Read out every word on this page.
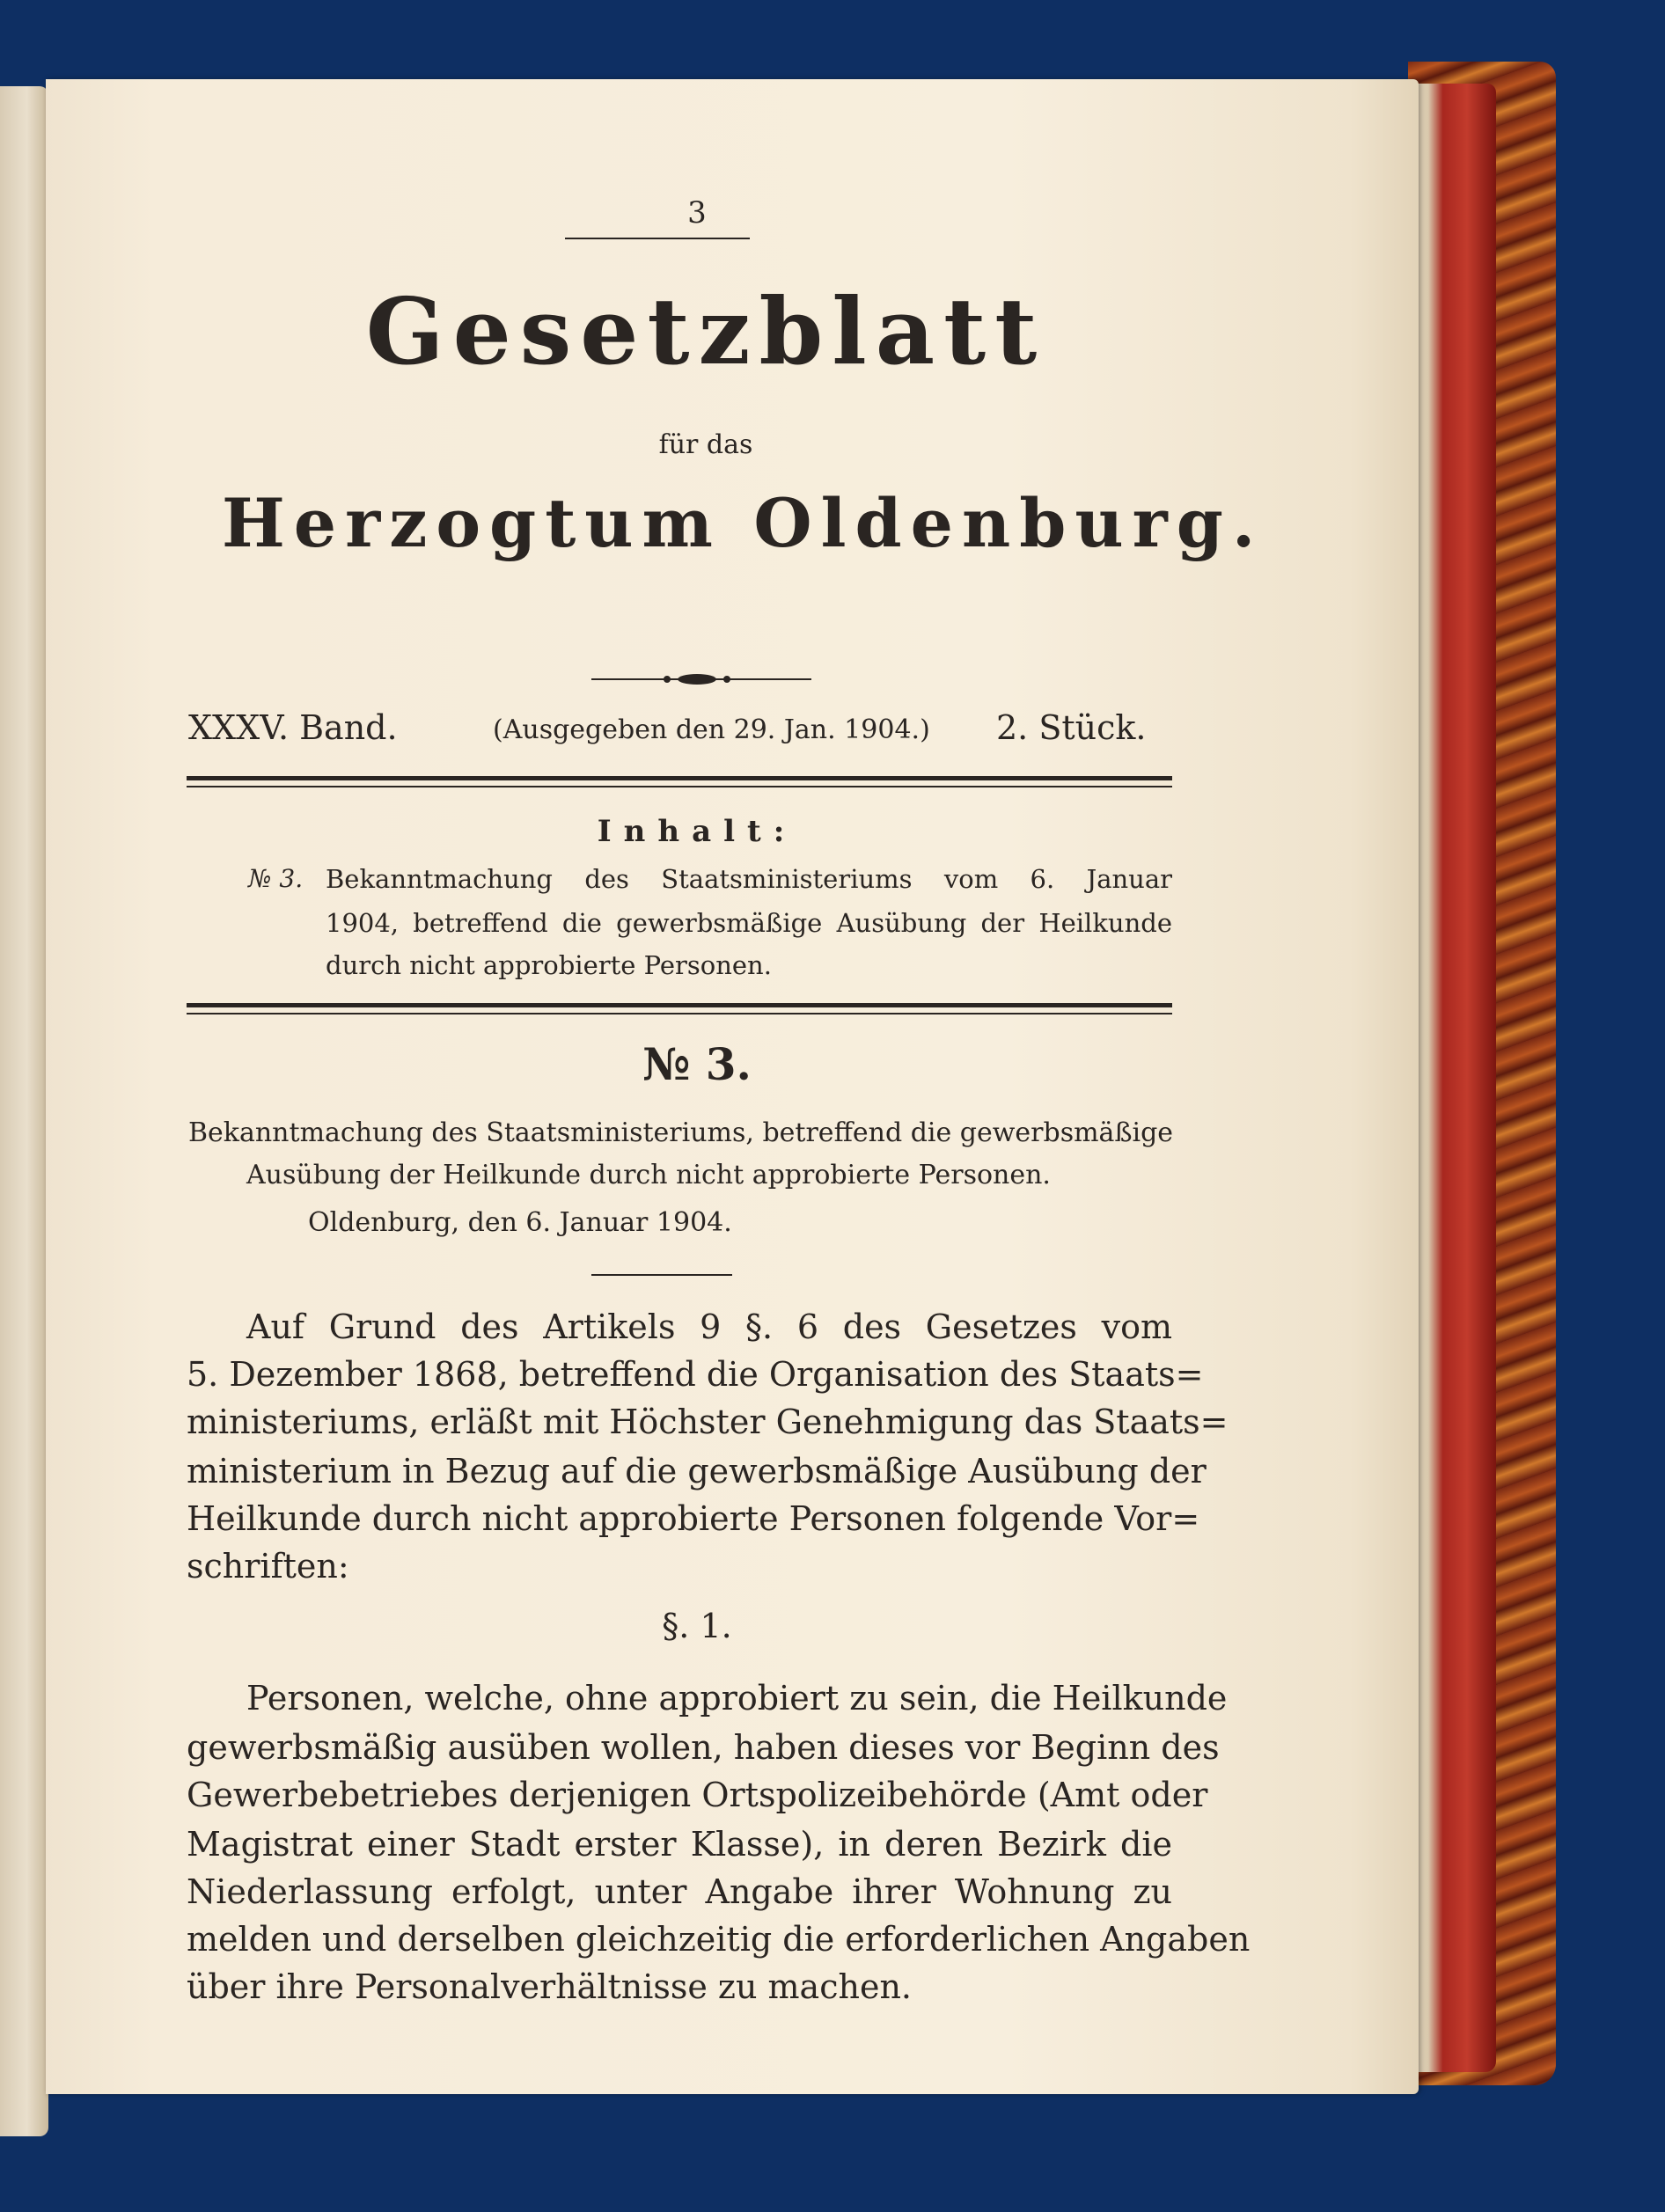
3
Gesetzblatt
für das
Herzogtum Oldenburg.
XXXV. Band.	(Ausgegeben den 29. Jan. 1904.) 2. Stück.
Inhalt:
№ 3. Bekanntmachung des Staatsministeriums vom 6. Januar
1904, betreffend die gewerbsmäßige Ausübung der Heilkunde
durch nicht approbierte Personen.
№ 3.
Bekanntmachung des Staatsministeriums, betreffend die gewerbsmäßige
Ausübung der Heilkunde durch nicht approbierte Personen.
Oldenburg, den 6. Januar 1904.
Auf Grund des Artikels 9 §. 6 des Gesetzes vom
5. Dezember 1868, betreffend die Organisation des Staats=
ministeriums, erläßt mit Höchster Genehmigung das Staats=
ministerium in Bezug auf die gewerbsmäßige Ausübung der
Heilkunde durch nicht approbierte Personen folgende Vor=
schriften:
§. 1.
Personen, welche, ohne approbiert zu sein, die Heilkunde
gewerbsmäßig ausüben wollen, haben dieses vor Beginn des
Gewerbebetriebes derjenigen Ortspolizeibehörde (Amt oder
Magistrat einer Stadt erster Klasse), in deren Bezirk die
Niederlassung erfolgt, unter Angabe ihrer Wohnung zu
melden und derselben gleichzeitig die erforderlichen Angaben
über ihre Personalverhältnisse zu machen.
